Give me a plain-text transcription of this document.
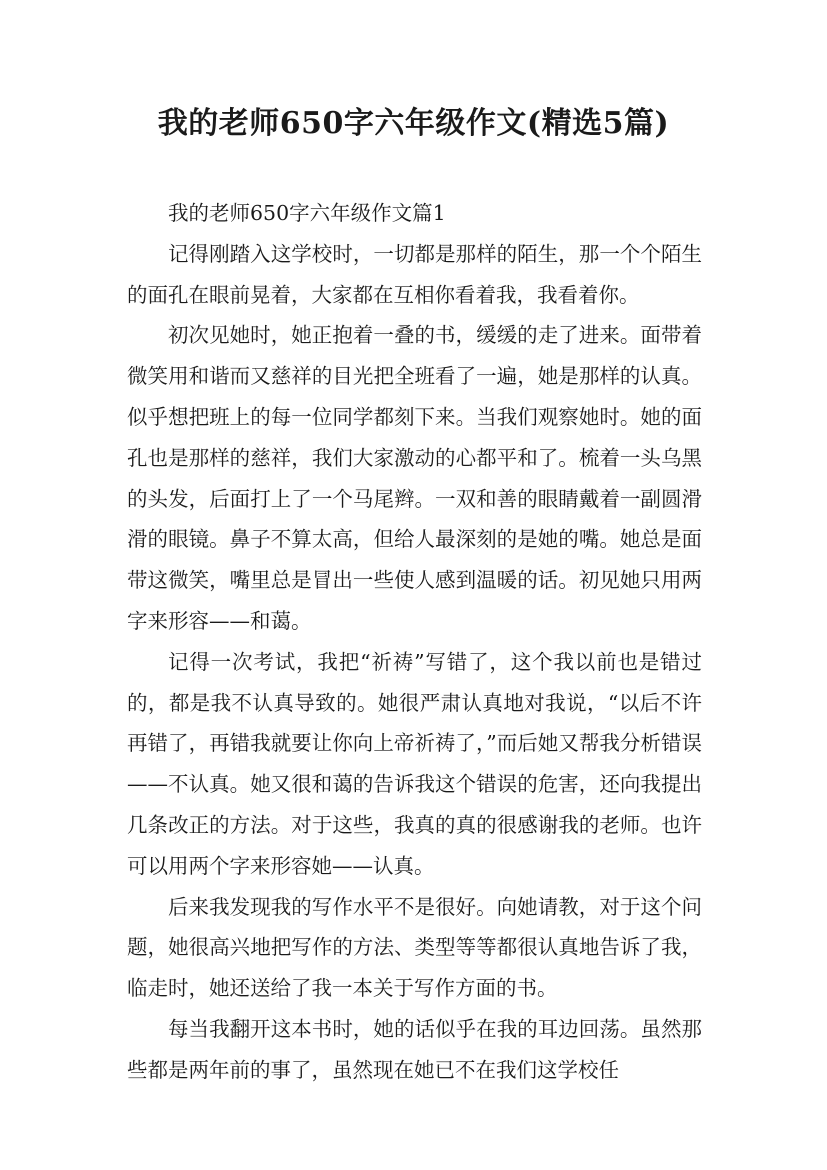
我的老师650字六年级作文(精选5篇)

我的老师650字六年级作文篇1

记得刚踏入这学校时，一切都是那样的陌生，那一个个陌生的面孔在眼前晃着，大家都在互相你看着我，我看着你。

初次见她时，她正抱着一叠的书，缓缓的走了进来。面带着微笑用和谐而又慈祥的目光把全班看了一遍，她是那样的认真。似乎想把班上的每一位同学都刻下来。当我们观察她时。她的面孔也是那样的慈祥，我们大家激动的心都平和了。梳着一头乌黑的头发，后面打上了一个马尾辫。一双和善的眼睛戴着一副圆滑滑的眼镜。鼻子不算太高，但给人最深刻的是她的嘴。她总是面带这微笑，嘴里总是冒出一些使人感到温暖的话。初见她只用两字来形容——和蔼。

记得一次考试，我把“祈祷”写错了，这个我以前也是错过的，都是我不认真导致的。她很严肃认真地对我说，“以后不许再错了，再错我就要让你向上帝祈祷了，”而后她又帮我分析错误——不认真。她又很和蔼的告诉我这个错误的危害，还向我提出几条改正的方法。对于这些，我真的真的很感谢我的老师。也许可以用两个字来形容她——认真。

后来我发现我的写作水平不是很好。向她请教，对于这个问题，她很高兴地把写作的方法、类型等等都很认真地告诉了我，临走时，她还送给了我一本关于写作方面的书。

每当我翻开这本书时，她的话似乎在我的耳边回荡。虽然那些都是两年前的事了，虽然现在她已不在我们这学校任
